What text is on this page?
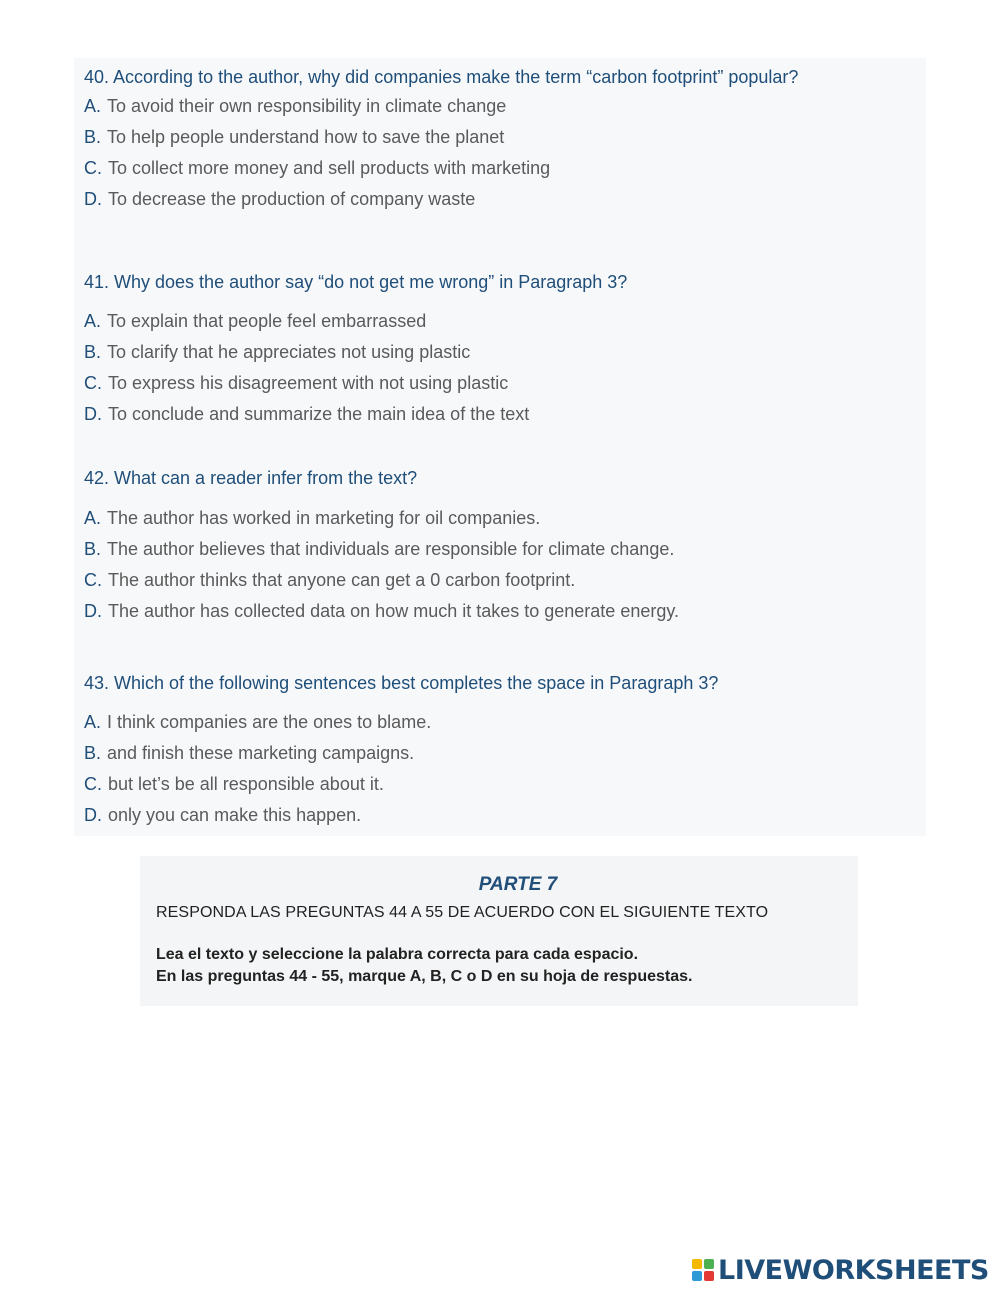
40. According to the author, why did companies make the term “carbon footprint” popular?

A. To avoid their own responsibility in climate change
B. To help people understand how to save the planet
C. To collect more money and sell products with marketing
D. To decrease the production of company waste

41. Why does the author say “do not get me wrong” in Paragraph 3?

A. To explain that people feel embarrassed
B. To clarify that he appreciates not using plastic
C. To express his disagreement with not using plastic
D. To conclude and summarize the main idea of the text

42. What can a reader infer from the text?

A. The author has worked in marketing for oil companies.
B. The author believes that individuals are responsible for climate change.
C. The author thinks that anyone can get a 0 carbon footprint.
D. The author has collected data on how much it takes to generate energy.

43. Which of the following sentences best completes the space in Paragraph 3?

A. I think companies are the ones to blame.
B. and finish these marketing campaigns.
C. but let’s be all responsible about it.
D. only you can make this happen.
PARTE 7
RESPONDA LAS PREGUNTAS 44 A 55 DE ACUERDO CON EL SIGUIENTE TEXTO
Lea el texto y seleccione la palabra correcta para cada espacio.
En las preguntas 44 - 55, marque A, B, C o D en su hoja de respuestas.
LIVEWORKSHEETS
